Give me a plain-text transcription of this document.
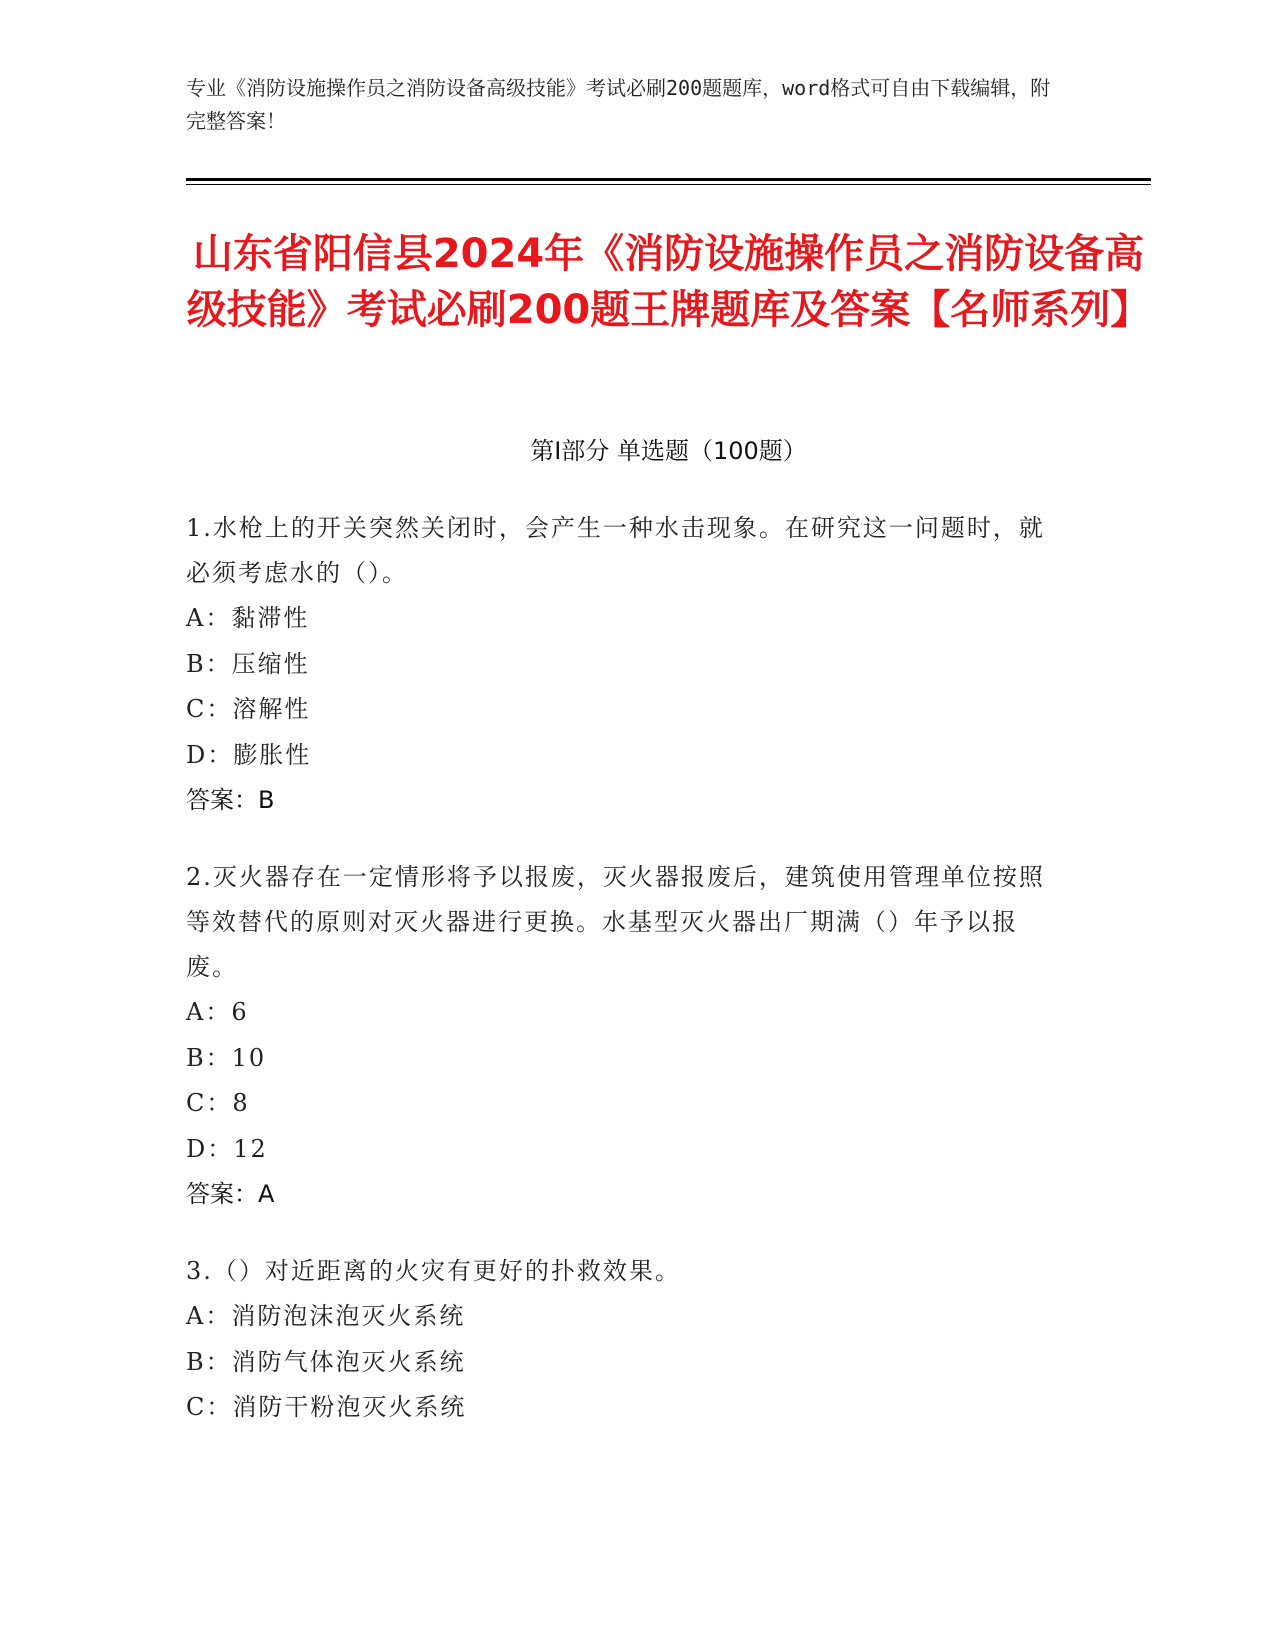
专业《消防设施操作员之消防设备高级技能》考试必刷200题题库，word格式可自由下载编辑，附完整答案！
山东省阳信县2024年《消防设施操作员之消防设备高级技能》考试必刷200题王牌题库及答案【名师系列】
第I部分 单选题（100题）
1.水枪上的开关突然关闭时，会产生一种水击现象。在研究这一问题时，就必须考虑水的（）。
A：黏滞性
B：压缩性
C：溶解性
D：膨胀性
答案：B
2.灭火器存在一定情形将予以报废，灭火器报废后，建筑使用管理单位按照等效替代的原则对灭火器进行更换。水基型灭火器出厂期满（）年予以报废。
A：6
B：10
C：8
D：12
答案：A
3.（）对近距离的火灾有更好的扑救效果。
A：消防泡沫泡灭火系统
B：消防气体泡灭火系统
C：消防干粉泡灭火系统
